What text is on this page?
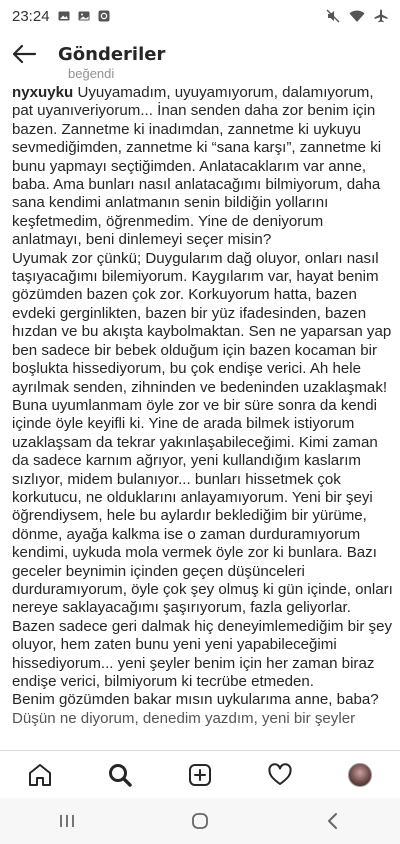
23:24
Gönderiler
beğendi

nyxuyku Uyuyamadım, uyuyamıyorum, dalamıyorum, pat uyanıveriyorum... İnan senden daha zor benim için bazen. Zannetme ki inadımdan, zannetme ki uykuyu sevmediğimden, zannetme ki “sana karşı”, zannetme ki bunu yapmayı seçtiğimden. Anlatacaklarım var anne, baba. Ama bunları nasıl anlatacağımı bilmiyorum, daha sana kendimi anlatmanın senin bildiğin yollarını keşfetmedim, öğrenmedim. Yine de deniyorum anlatmayı, beni dinlemeyi seçer misin?

Uyumak zor çünkü; Duygularım dağ oluyor, onları nasıl taşıyacağımı bilemiyorum. Kaygılarım var, hayat benim gözümden bazen çok zor. Korkuyorum hatta, bazen evdeki gerginlikten, bazen bir yüz ifadesinden, bazen hızdan ve bu akışta kaybolmaktan. Sen ne yaparsan yap ben sadece bir bebek olduğum için bazen kocaman bir boşlukta hissediyorum, bu çok endişe verici. Ah hele ayrılmak senden, zihninden ve bedeninden uzaklaşmak! Buna uyumlanmam öyle zor ve bir süre sonra da kendi içinde öyle keyifli ki. Yine de arada bilmek istiyorum uzaklaşsam da tekrar yakınlaşabileceğimi. Kimi zaman da sadece karnım ağrıyor, yeni kullandığım kaslarım sızlıyor, midem bulanıyor... bunları hissetmek çok korkutucu, ne olduklarını anlayamıyorum. Yeni bir şeyi öğrendiysem, hele bu aylardır beklediğim bir yürüme, dönme, ayağa kalkma ise o zaman durduramıyorum kendimi, uykuda mola vermek öyle zor ki bunlara. Bazı geceler beynimin içinden geçen düşünceleri durduramıyorum, öyle çok şey olmuş ki gün içinde, onları nereye saklayacağımı şaşırıyorum, fazla geliyorlar. Bazen sadece geri dalmak hiç deneyimlemediğim bir şey oluyor, hem zaten bunu yeni yeni yapabileceğimi hissediyorum... yeni şeyler benim için her zaman biraz endişe verici, bilmiyorum ki tecrübe etmeden.

Benim gözümden bakar mısın uykularıma anne, baba?

Düşün ne diyorum, denedim yazdım, yeni bir şeyler
